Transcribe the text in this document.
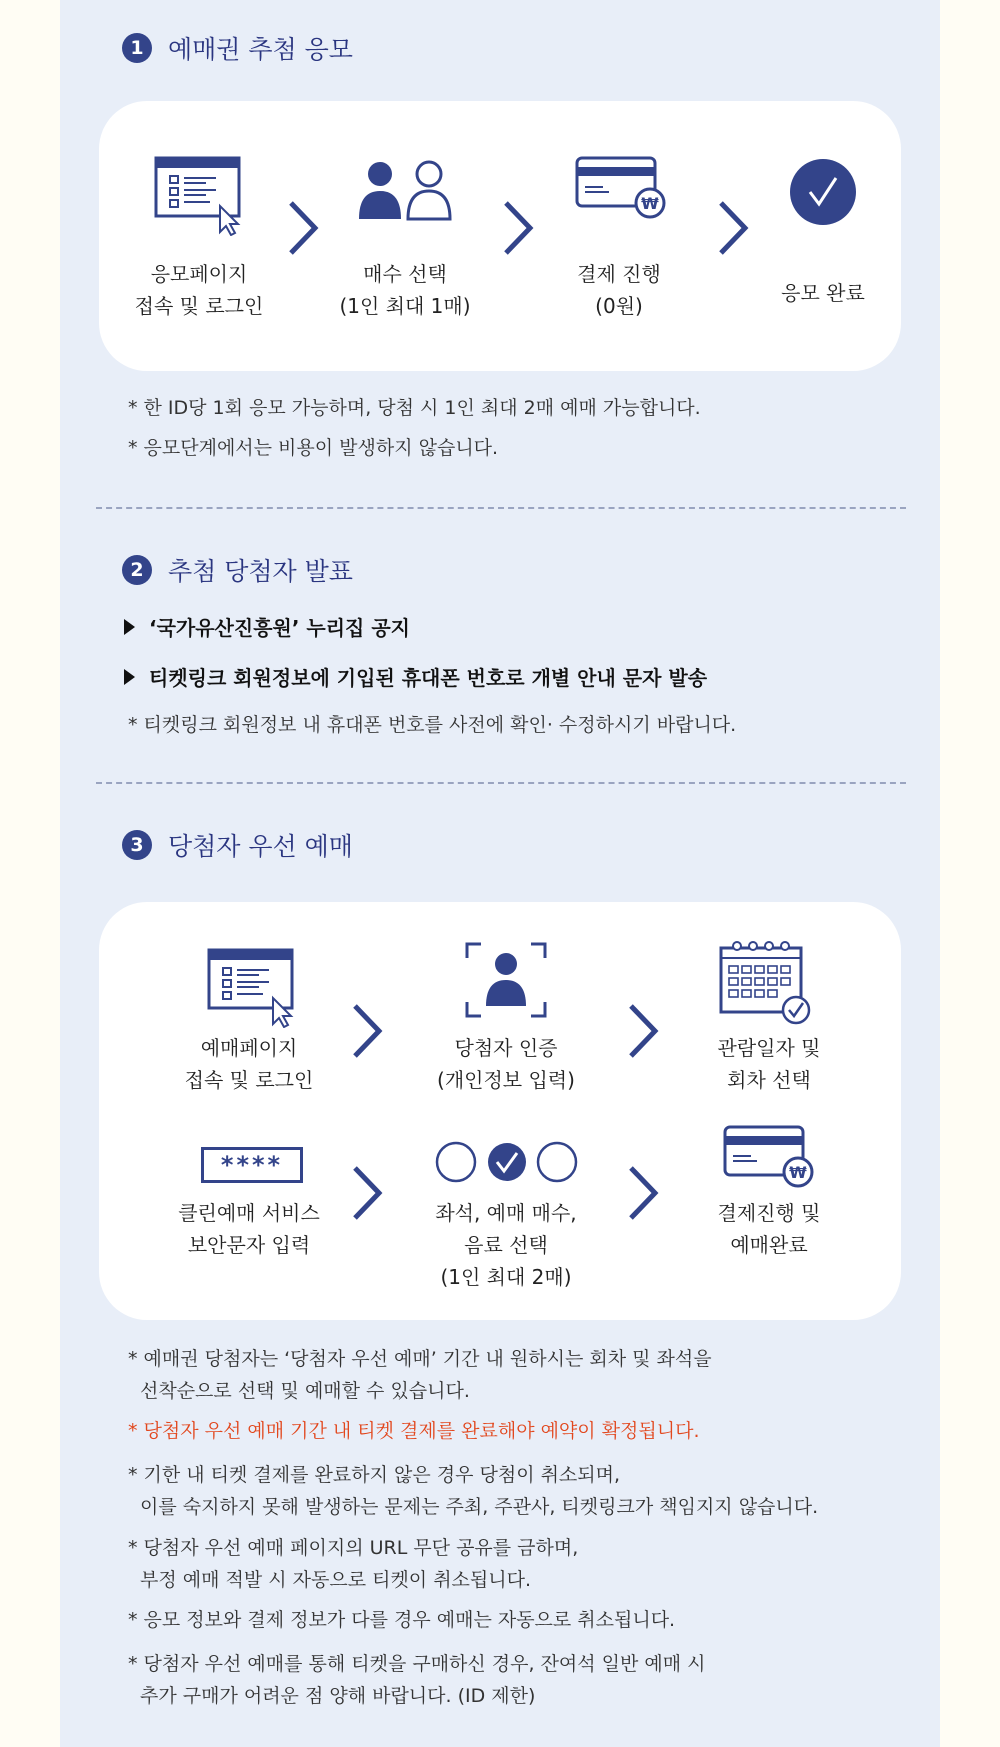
1 예매권 추첨 응모
응모페이지
접속 및 로그인
매수 선택
(1인 최대 1매)
₩
결제 진행
(0원)
응모 완료
* 한 ID당 1회 응모 가능하며, 당첨 시 1인 최대 2매 예매 가능합니다.
* 응모단계에서는 비용이 발생하지 않습니다.
2 추첨 당첨자 발표
‘국가유산진흥원’ 누리집 공지
티켓링크 회원정보에 기입된 휴대폰 번호로 개별 안내 문자 발송
* 티켓링크 회원정보 내 휴대폰 번호를 사전에 확인· 수정하시기 바랍니다.
3 당첨자 우선 예매
예매페이지
접속 및 로그인
당첨자 인증
(개인정보 입력)
관람일자 및
회차 선택
****
클린예매 서비스
보안문자 입력
좌석, 예매 매수,
음료 선택
(1인 최대 2매)
₩
결제진행 및
예매완료
* 예매권 당첨자는 ‘당첨자 우선 예매’ 기간 내 원하시는 회차 및 좌석을
선착순으로 선택 및 예매할 수 있습니다.
* 당첨자 우선 예매 기간 내 티켓 결제를 완료해야 예약이 확정됩니다.
* 기한 내 티켓 결제를 완료하지 않은 경우 당첨이 취소되며,
이를 숙지하지 못해 발생하는 문제는 주최, 주관사, 티켓링크가 책임지지 않습니다.
* 당첨자 우선 예매 페이지의 URL 무단 공유를 금하며,
부정 예매 적발 시 자동으로 티켓이 취소됩니다.
* 응모 정보와 결제 정보가 다를 경우 예매는 자동으로 취소됩니다.
* 당첨자 우선 예매를 통해 티켓을 구매하신 경우, 잔여석 일반 예매 시
추가 구매가 어려운 점 양해 바랍니다. (ID 제한)
